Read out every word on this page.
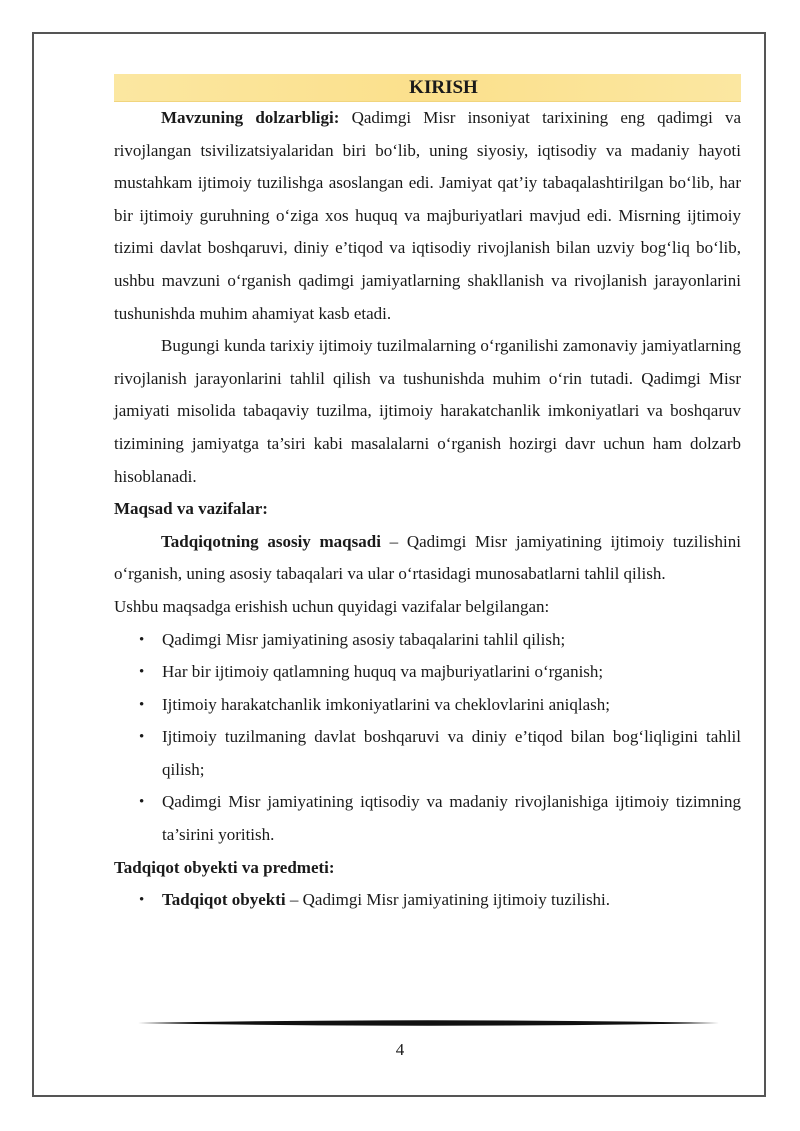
KIRISH

Mavzuning dolzarbligi: Qadimgi Misr insoniyat tarixining eng qadimgi va rivojlangan tsivilizatsiyalaridan biri bo‘lib, uning siyosiy, iqtisodiy va madaniy hayoti mustahkam ijtimoiy tuzilishga asoslangan edi. Jamiyat qat’iy tabaqalashtirilgan bo‘lib, har bir ijtimoiy guruhning o‘ziga xos huquq va majburiyatlari mavjud edi. Misrning ijtimoiy tizimi davlat boshqaruvi, diniy e’tiqod va iqtisodiy rivojlanish bilan uzviy bog‘liq bo‘lib, ushbu mavzuni o‘rganish qadimgi jamiyatlarning shakllanish va rivojlanish jarayonlarini tushunishda muhim ahamiyat kasb etadi.

Bugungi kunda tarixiy ijtimoiy tuzilmalarning o‘rganilishi zamonaviy jamiyatlarning rivojlanish jarayonlarini tahlil qilish va tushunishda muhim o‘rin tutadi. Qadimgi Misr jamiyati misolida tabaqaviy tuzilma, ijtimoiy harakatchanlik imkoniyatlari va boshqaruv tizimining jamiyatga ta’siri kabi masalalarni o‘rganish hozirgi davr uchun ham dolzarb hisoblanadi.

Maqsad va vazifalar:

Tadqiqotning asosiy maqsadi – Qadimgi Misr jamiyatining ijtimoiy tuzilishini o‘rganish, uning asosiy tabaqalari va ular o‘rtasidagi munosabatlarni tahlil qilish.

Ushbu maqsadga erishish uchun quyidagi vazifalar belgilangan:

• Qadimgi Misr jamiyatining asosiy tabaqalarini tahlil qilish;
• Har bir ijtimoiy qatlamning huquq va majburiyatlarini o‘rganish;
• Ijtimoiy harakatchanlik imkoniyatlarini va cheklovlarini aniqlash;
• Ijtimoiy tuzilmaning davlat boshqaruvi va diniy e’tiqod bilan bog‘liqligini tahlil qilish;
• Qadimgi Misr jamiyatining iqtisodiy va madaniy rivojlanishiga ijtimoiy tizimning ta’sirini yoritish.

Tadqiqot obyekti va predmeti:

• Tadqiqot obyekti – Qadimgi Misr jamiyatining ijtimoiy tuzilishi.
4
